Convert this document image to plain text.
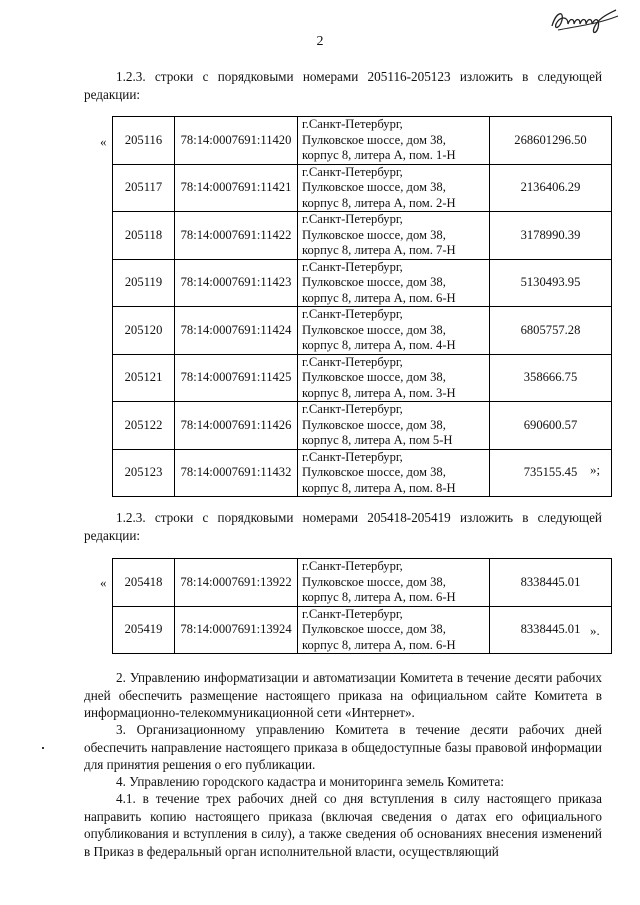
2

1.2.3. строки с порядковыми номерами 205116-205123 изложить в следующей редакции:

« 205116	78:14:0007691:11420	г.Санкт-Петербург,
Пулковское шоссе, дом 38,
корпус 8, литера А, пом. 1-Н	268601296.50
205117	78:14:0007691:11421	г.Санкт-Петербург,
Пулковское шоссе, дом 38,
корпус 8, литера А, пом. 2-Н	2136406.29
205118	78:14:0007691:11422	г.Санкт-Петербург,
Пулковское шоссе, дом 38,
корпус 8, литера А, пом. 7-Н	3178990.39
205119	78:14:0007691:11423	г.Санкт-Петербург,
Пулковское шоссе, дом 38,
корпус 8, литера А, пом. 6-Н	5130493.95
205120	78:14:0007691:11424	г.Санкт-Петербург,
Пулковское шоссе, дом 38,
корпус 8, литера А, пом. 4-Н	6805757.28
205121	78:14:0007691:11425	г.Санкт-Петербург,
Пулковское шоссе, дом 38,
корпус 8, литера А, пом. 3-Н	358666.75
205122	78:14:0007691:11426	г.Санкт-Петербург,
Пулковское шоссе, дом 38,
корпус 8, литера А, пом 5-Н	690600.57
205123	78:14:0007691:11432	г.Санкт-Петербург,
Пулковское шоссе, дом 38,
корпус 8, литера А, пом. 8-Н	735155.45 »;

1.2.3. строки с порядковыми номерами 205418-205419 изложить в следующей редакции:

« 205418	78:14:0007691:13922	г.Санкт-Петербург,
Пулковское шоссе, дом 38,
корпус 8, литера А, пом. 6-Н	8338445.01
205419	78:14:0007691:13924	г.Санкт-Петербург,
Пулковское шоссе, дом 38,
корпус 8, литера А, пом. 6-Н	8338445.01 ».

2. Управлению информатизации и автоматизации Комитета в течение десяти рабочих дней обеспечить размещение настоящего приказа на официальном сайте Комитета в информационно-телекоммуникационной сети «Интернет».

3. Организационному управлению Комитета в течение десяти рабочих дней обеспечить направление настоящего приказа в общедоступные базы правовой информации для принятия решения о его публикации.

4. Управлению городского кадастра и мониторинга земель Комитета:

4.1. в течение трех рабочих дней со дня вступления в силу настоящего приказа направить копию настоящего приказа (включая сведения о датах его официального опубликования и вступления в силу), а также сведения об основаниях внесения изменений в Приказ в федеральный орган исполнительной власти, осуществляющий
